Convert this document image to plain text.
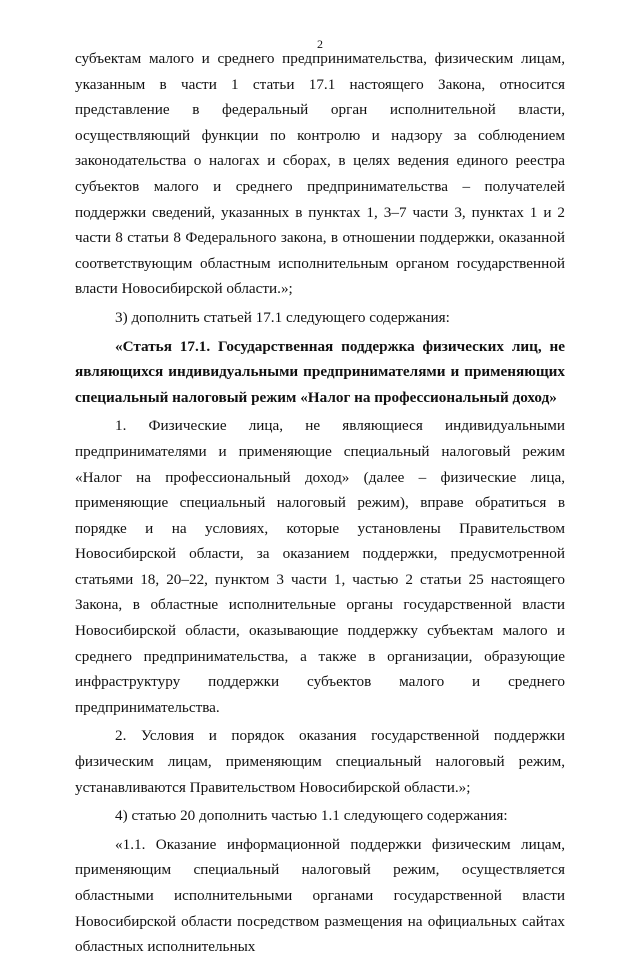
2

субъектам малого и среднего предпринимательства, физическим лицам, указанным в части 1 статьи 17.1 настоящего Закона, относится представление в федеральный орган исполнительной власти, осуществляющий функции по контролю и надзору за соблюдением законодательства о налогах и сборах, в целях ведения единого реестра субъектов малого и среднего предпринимательства – получателей поддержки сведений, указанных в пунктах 1, 3–7 части 3, пунктах 1 и 2 части 8 статьи 8 Федерального закона, в отношении поддержки, оказанной соответствующим областным исполнительным органом государственной власти Новосибирской области.»;

3) дополнить статьей 17.1 следующего содержания:

«Статья 17.1. Государственная поддержка физических лиц, не являющихся индивидуальными предпринимателями и применяющих специальный налоговый режим «Налог на профессиональный доход»

1. Физические лица, не являющиеся индивидуальными предпринимателями и применяющие специальный налоговый режим «Налог на профессиональный доход» (далее – физические лица, применяющие специальный налоговый режим), вправе обратиться в порядке и на условиях, которые установлены Правительством Новосибирской области, за оказанием поддержки, предусмотренной статьями 18, 20–22, пунктом 3 части 1, частью 2 статьи 25 настоящего Закона, в областные исполнительные органы государственной власти Новосибирской области, оказывающие поддержку субъектам малого и среднего предпринимательства, а также в организации, образующие инфраструктуру поддержки субъектов малого и среднего предпринимательства.

2. Условия и порядок оказания государственной поддержки физическим лицам, применяющим специальный налоговый режим, устанавливаются Правительством Новосибирской области.»;

4) статью 20 дополнить частью 1.1 следующего содержания:

«1.1. Оказание информационной поддержки физическим лицам, применяющим специальный налоговый режим, осуществляется областными исполнительными органами государственной власти Новосибирской области посредством размещения на официальных сайтах областных исполнительных
